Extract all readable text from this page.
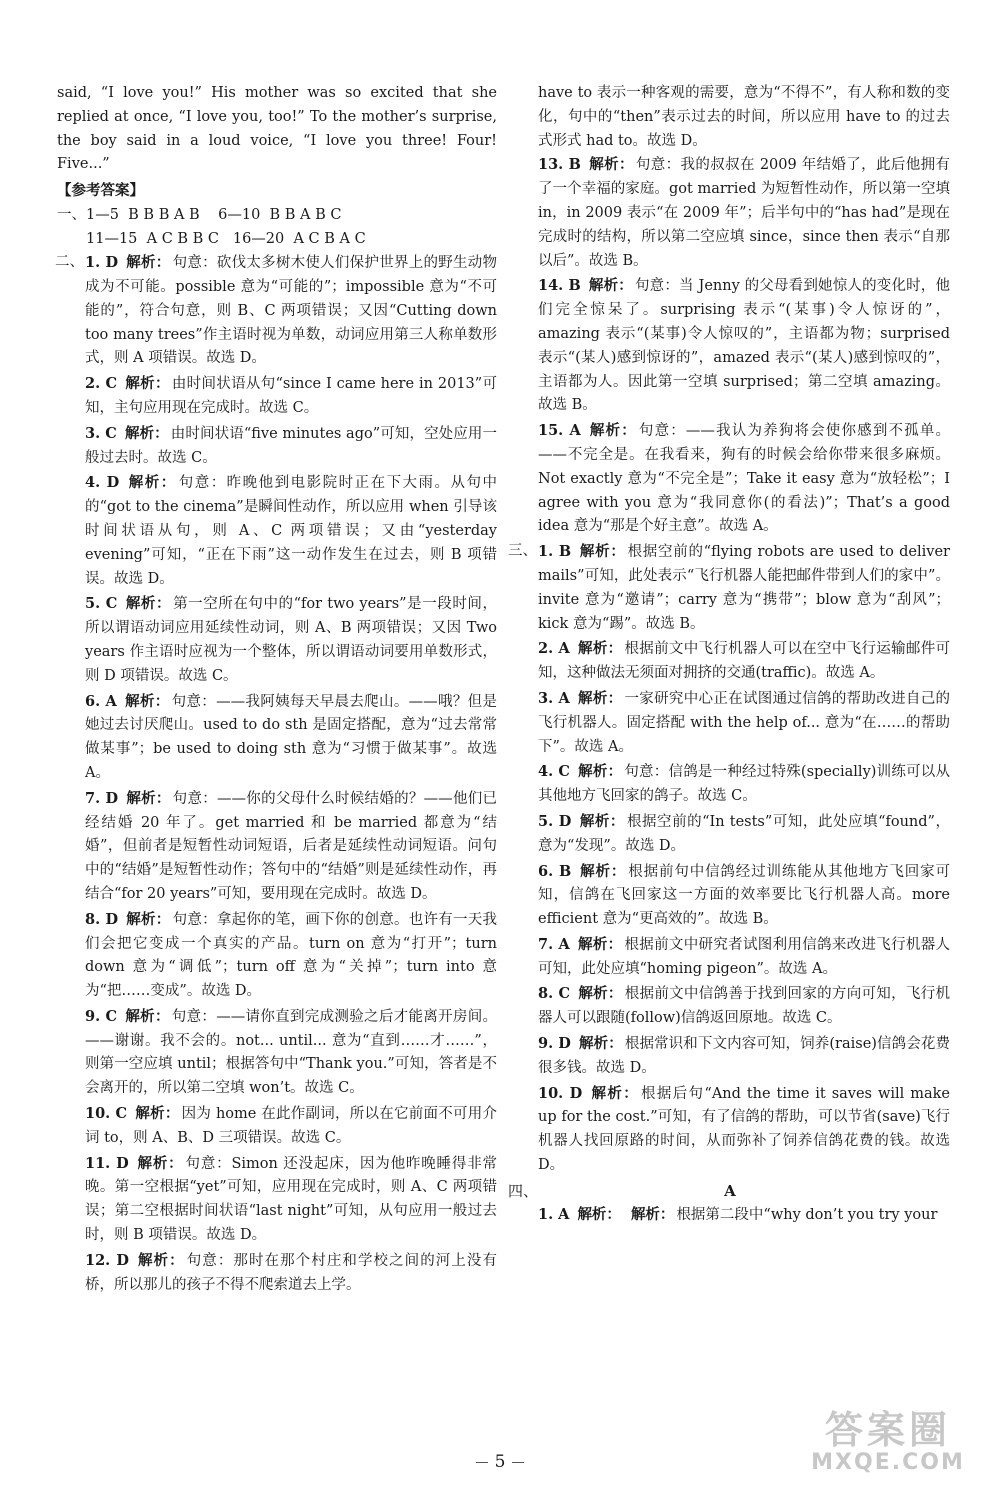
said, “I love you!” His mother was so excited that she replied at once, “I love you, too!” To the mother’s surprise, the boy said in a loud voice, “I love you three! Four! Five...”

【参考答案】

一、1—5  B B B A B    6—10  B B A B C

11—15  A C B B C   16—20  A C B A C

二、 1. D 解析： 句意：砍伐太多树木使人们保护世界上的野生动物成为不可能。possible 意为“可能的”；impossible 意为“不可能的”，符合句意，则 B、C 两项错误；又因“Cutting down too many trees”作主语时视为单数，动词应用第三人称单数形式，则 A 项错误。故选 D。

2. C 解析： 由时间状语从句“since I came here in 2013”可知，主句应用现在完成时。故选 C。

3. C 解析： 由时间状语“five minutes ago”可知，空处应用一般过去时。故选 C。

4. D 解析： 句意：昨晚他到电影院时正在下大雨。从句中的“got to the cinema”是瞬间性动作，所以应用 when 引导该时间状语从句，则 A、C 两项错误；又由“yesterday evening”可知，“正在下雨”这一动作发生在过去，则 B 项错误。故选 D。

5. C 解析： 第一空所在句中的“for two years”是一段时间，所以谓语动词应用延续性动词，则 A、B 两项错误；又因 Two years 作主语时应视为一个整体，所以谓语动词要用单数形式，则 D 项错误。故选 C。

6. A 解析： 句意：——我阿姨每天早晨去爬山。——哦？但是她过去讨厌爬山。used to do sth 是固定搭配，意为“过去常常做某事”；be used to doing sth 意为“习惯于做某事”。故选 A。

7. D 解析： 句意：——你的父母什么时候结婚的？——他们已经结婚 20 年了。get married 和 be married 都意为“结婚”，但前者是短暂性动词短语，后者是延续性动词短语。问句中的“结婚”是短暂性动作；答句中的“结婚”则是延续性动作，再结合“for 20 years”可知，要用现在完成时。故选 D。

8. D 解析： 句意：拿起你的笔，画下你的创意。也许有一天我们会把它变成一个真实的产品。turn on 意为“打开”；turn down 意为“调低”；turn off 意为“关掉”；turn into 意为“把……变成”。故选 D。

9. C 解析： 句意：——请你直到完成测验之后才能离开房间。——谢谢。我不会的。not... until... 意为“直到……才……”，则第一空应填 until；根据答句中“Thank you.”可知，答者是不会离开的，所以第二空填 won’t。故选 C。

10. C 解析： 因为 home 在此作副词，所以在它前面不可用介词 to，则 A、B、D 三项错误。故选 C。

11. D 解析： 句意：Simon 还没起床，因为他昨晚睡得非常晚。第一空根据“yet”可知，应用现在完成时，则 A、C 两项错误；第二空根据时间状语“last night”可知，从句应用一般过去时，则 B 项错误。故选 D。

12. D 解析： 句意：那时在那个村庄和学校之间的河上没有桥，所以那儿的孩子不得不爬索道去上学。

have to 表示一种客观的需要，意为“不得不”，有人称和数的变化，句中的“then”表示过去的时间，所以应用 have to 的过去式形式 had to。故选 D。

13. B 解析： 句意：我的叔叔在 2009 年结婚了，此后他拥有了一个幸福的家庭。got married 为短暂性动作，所以第一空填 in，in 2009 表示“在 2009 年”；后半句中的“has had”是现在完成时的结构，所以第二空应填 since，since then 表示“自那以后”。故选 B。

14. B 解析： 句意：当 Jenny 的父母看到她惊人的变化时，他们完全惊呆了。surprising 表示“(某事)令人惊讶的”，amazing 表示“(某事)令人惊叹的”，主语都为物；surprised 表示“(某人)感到惊讶的”，amazed 表示“(某人)感到惊叹的”，主语都为人。因此第一空填 surprised；第二空填 amazing。故选 B。

15. A 解析： 句意：——我认为养狗将会使你感到不孤单。——不完全是。在我看来，狗有的时候会给你带来很多麻烦。Not exactly 意为“不完全是”；Take it easy 意为“放轻松”；I agree with you 意为“我同意你(的看法)”；That’s a good idea 意为“那是个好主意”。故选 A。

三、 1. B 解析： 根据空前的“flying robots are used to deliver mails”可知，此处表示“飞行机器人能把邮件带到人们的家中”。invite 意为“邀请”；carry 意为“携带”；blow 意为“刮风”；kick 意为“踢”。故选 B。

2. A 解析： 根据前文中飞行机器人可以在空中飞行运输邮件可知，这种做法无须面对拥挤的交通(traffic)。故选 A。

3. A 解析： 一家研究中心正在试图通过信鸽的帮助改进自己的飞行机器人。固定搭配 with the help of... 意为“在……的帮助下”。故选 A。

4. C 解析： 句意：信鸽是一种经过特殊(specially)训练可以从其他地方飞回家的鸽子。故选 C。

5. D 解析： 根据空前的“In tests”可知，此处应填“found”，意为“发现”。故选 D。

6. B 解析： 根据前句中信鸽经过训练能从其他地方飞回家可知，信鸽在飞回家这一方面的效率要比飞行机器人高。more efficient 意为“更高效的”。故选 B。

7. A 解析： 根据前文中研究者试图利用信鸽来改进飞行机器人可知，此处应填“homing pigeon”。故选 A。

8. C 解析： 根据前文中信鸽善于找到回家的方向可知，飞行机器人可以跟随(follow)信鸽返回原地。故选 C。

9. D 解析： 根据常识和下文内容可知，饲养(raise)信鸽会花费很多钱。故选 D。

10. D 解析： 根据后句“And the time it saves will make up for the cost.”可知，有了信鸽的帮助，可以节省(save)飞行机器人找回原路的时间，从而弥补了饲养信鸽花费的钱。故选 D。

四、	A

1. A 解析： 解析： 根据第二段中“why don’t you try your

5
答案圈
MXQE.COM
